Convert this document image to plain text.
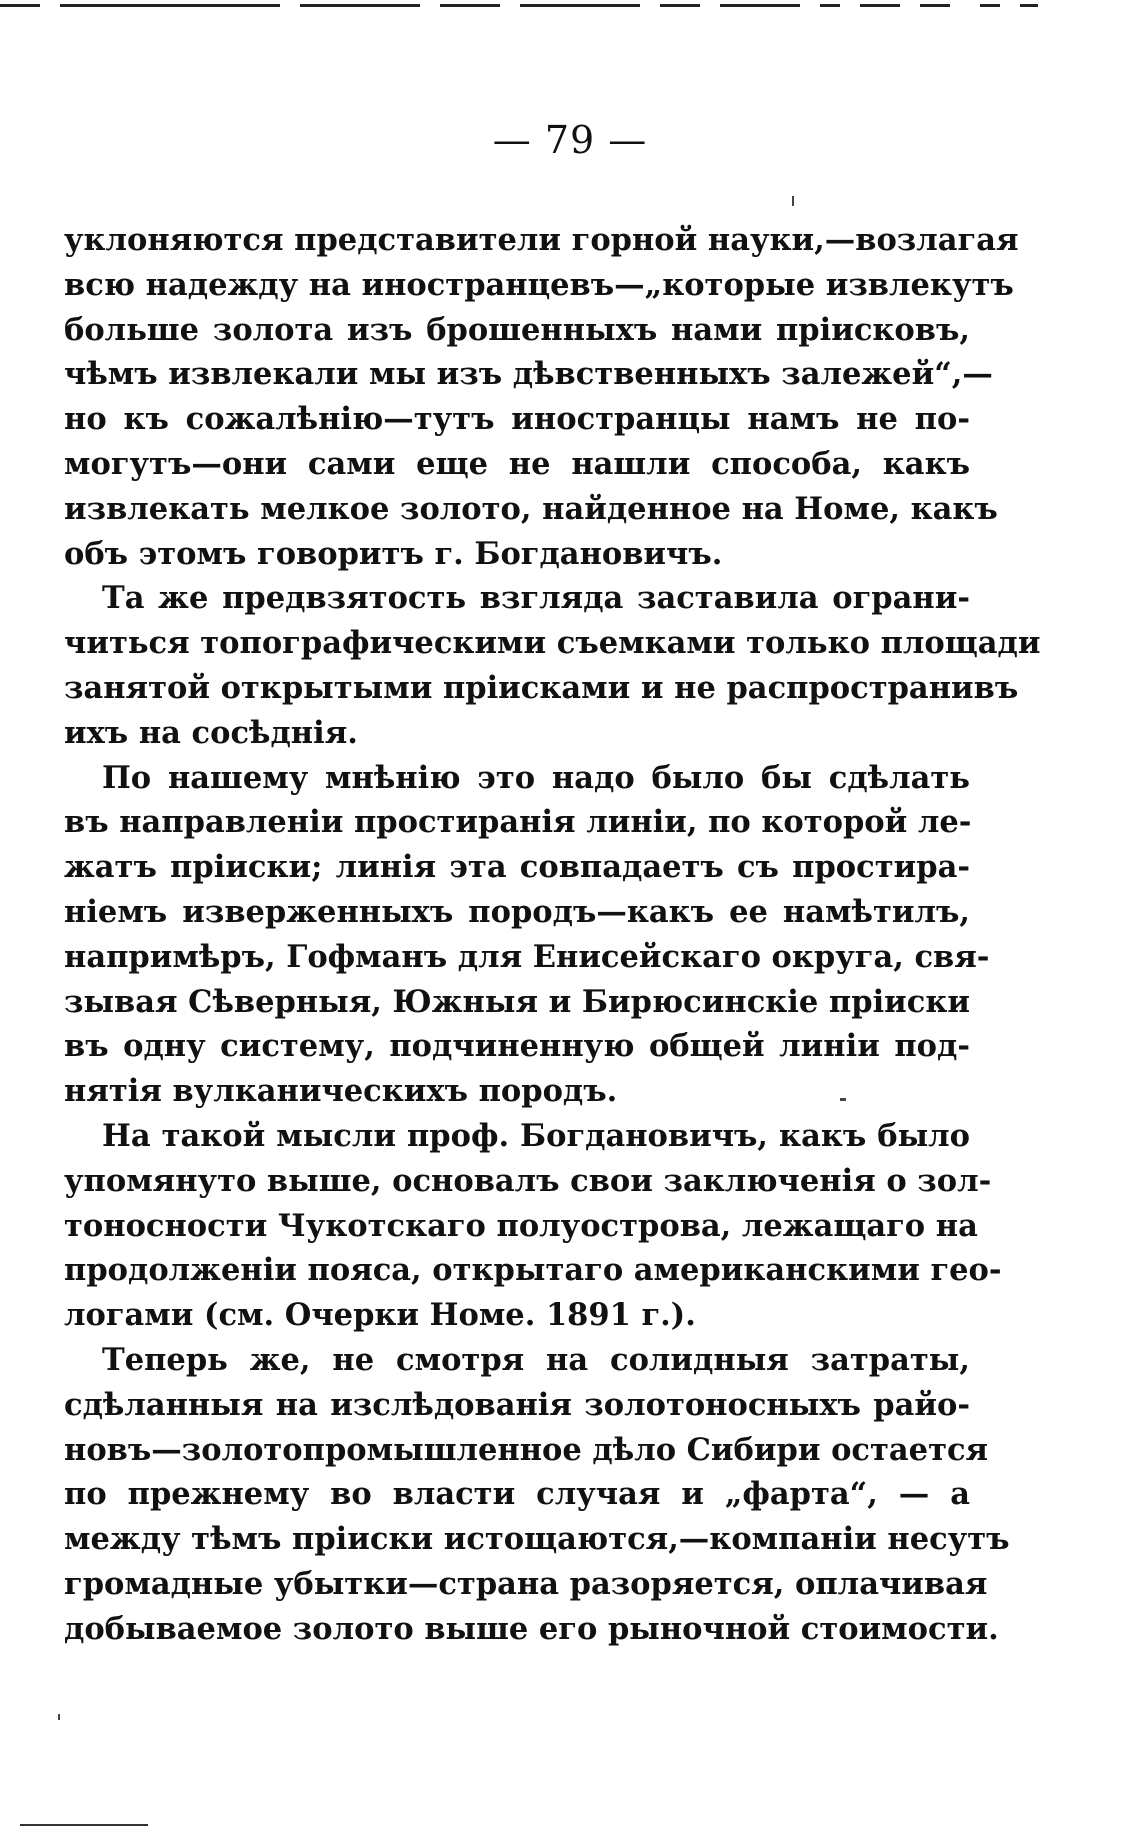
— 79 —
уклоняются представители горной науки,—возлагая
всю надежду на иностранцевъ—„которые извлекутъ
больше золота изъ брошенныхъ нами прiисковъ,
чѣмъ извлекали мы изъ дѣвственныхъ залежей“,—
но къ сожалѣнiю—тутъ иностранцы намъ не по-
могутъ—они сами еще не нашли способа, какъ
извлекать мелкое золото, найденное на Номе, какъ
объ этомъ говоритъ г. Богдановичъ.
Та же предвзятость взгляда заставила ограни-
читься топографическими съемками только площади
занятой открытыми прiисками и не распространивъ
ихъ на сосѣднiя.
По нашему мнѣнiю это надо было бы сдѣлать
въ направленiи простиранiя линiи, по которой ле-
жатъ прiиски; линiя эта совпадаетъ съ простира-
нiемъ изверженныхъ породъ—какъ ее намѣтилъ,
напримѣръ, Гофманъ для Енисейскаго округа, свя-
зывая Сѣверныя, Южныя и Бирюсинскiе прiиски
въ одну систему, подчиненную общей линiи под-
нятiя вулканическихъ породъ.
На такой мысли проф. Богдановичъ, какъ было
упомянуто выше, основалъ свои заключенiя о зол-
тоносности Чукотскаго полуострова, лежащаго на
продолженiи пояса, открытаго американскими гео-
логами (см. Очерки Номе. 1891 г.).
Теперь же, не смотря на солидныя затраты,
сдѣланныя на изслѣдованiя золотоносныхъ райо-
новъ—золотопромышленное дѣло Сибири остается
по прежнему во власти случая и „фарта“, — а
между тѣмъ прiиски истощаются,—компанiи несутъ
громадные убытки—страна разоряется, оплачивая
добываемое золото выше его рыночной стоимости.
